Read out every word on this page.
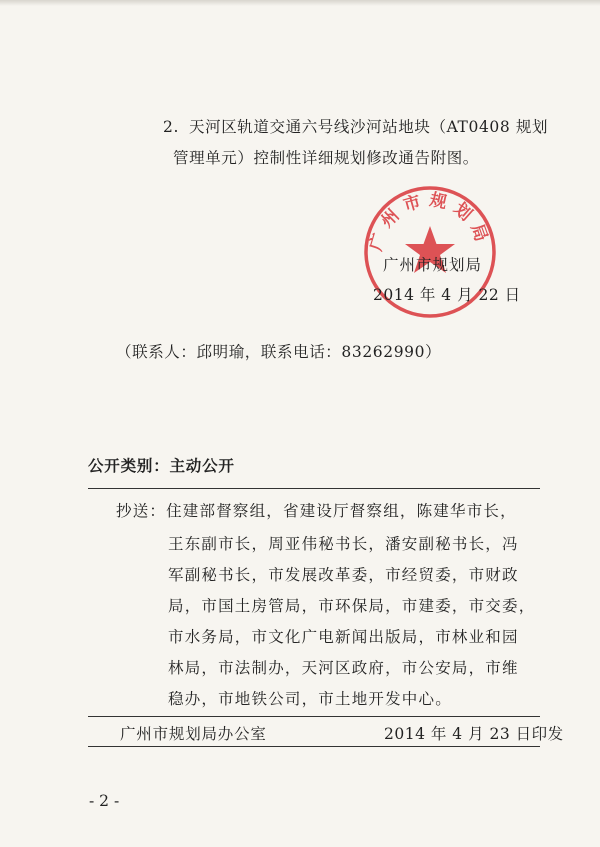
2. 天河区轨道交通六号线沙河站地块（AT0408 规划
管理单元）控制性详细规划修改通告附图。
广州市规划局
广州市规划局
2014 年 4 月 22 日
（联系人：邱明瑜，联系电话：83262990）
公开类别：主动公开
抄送：住建部督察组，省建设厅督察组，陈建华市长，
王东副市长，周亚伟秘书长，潘安副秘书长，冯
军副秘书长，市发展改革委，市经贸委，市财政
局，市国土房管局，市环保局，市建委，市交委，
市水务局，市文化广电新闻出版局，市林业和园
林局，市法制办，天河区政府，市公安局，市维
稳办，市地铁公司，市土地开发中心。
广州市规划局办公室	2014 年 4 月 23 日印发
- 2 -
